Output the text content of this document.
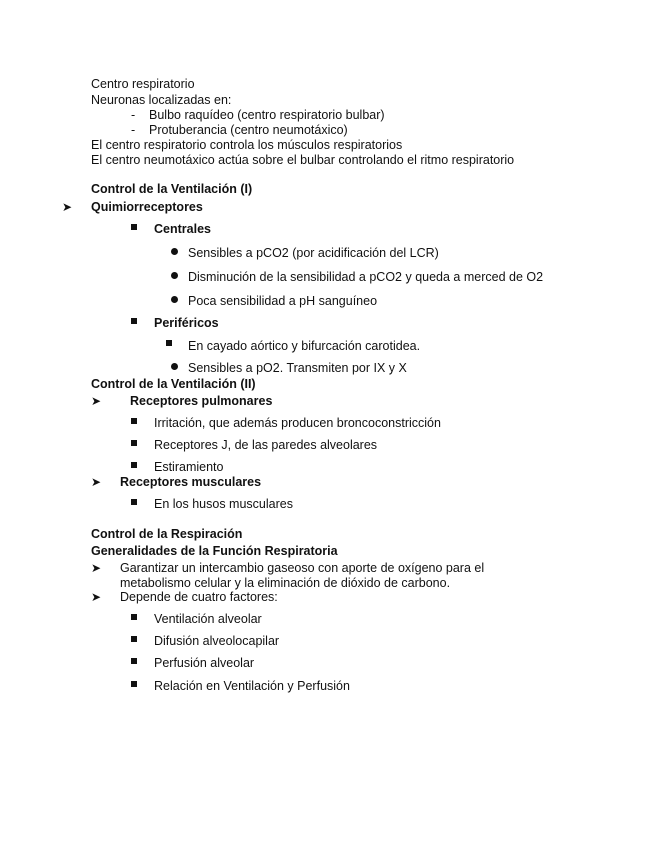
Centro respiratorio
Neuronas localizadas en:
- Bulbo raquídeo (centro respiratorio bulbar)
- Protuberancia (centro neumotáxico)
El centro respiratorio controla los músculos respiratorios
El centro neumotáxico actúa sobre el bulbar controlando el ritmo respiratorio
Control de la Ventilación (I)
➤ Quimiorreceptores
Centrales
Sensibles a pCO2 (por acidificación del LCR)
Disminución de la sensibilidad a pCO2 y queda a merced de O2
Poca sensibilidad a pH sanguíneo
Periféricos
En cayado aórtico y bifurcación carotidea.
Sensibles a pO2. Transmiten por IX y X
Control de la Ventilación (II)
➤ Receptores pulmonares
Irritación, que además producen broncoconstricción
Receptores J, de las paredes alveolares
Estiramiento
➤ Receptores musculares
En los husos musculares
Control de la Respiración
Generalidades de la Función Respiratoria
➤ Garantizar un intercambio gaseoso con aporte de oxígeno para el
metabolismo celular y la eliminación de dióxido de carbono.
➤ Depende de cuatro factores:
Ventilación alveolar
Difusión alveolocapilar
Perfusión alveolar
Relación en Ventilación y Perfusión
